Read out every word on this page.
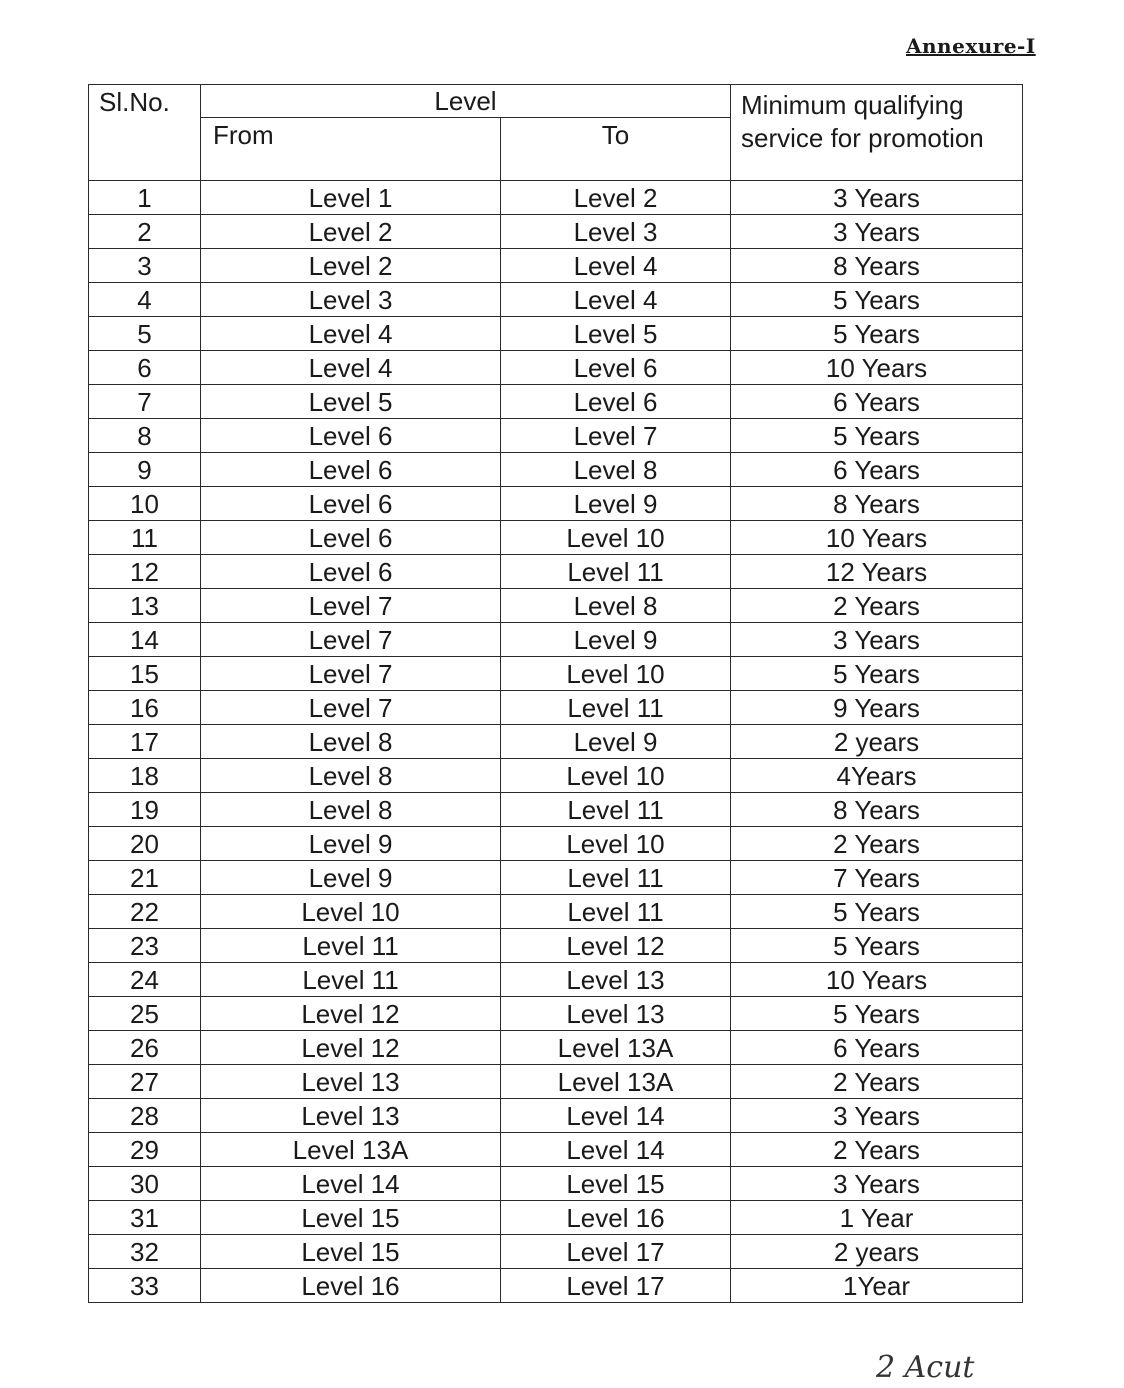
Annexure-I
Sl.No.	Level		Minimum qualifying service for promotion
	From	To	
1	Level 1	Level 2	3 Years
2	Level 2	Level 3	3 Years
3	Level 2	Level 4	8 Years
4	Level 3	Level 4	5 Years
5	Level 4	Level 5	5 Years
6	Level 4	Level 6	10 Years
7	Level 5	Level 6	6 Years
8	Level 6	Level 7	5 Years
9	Level 6	Level 8	6 Years
10	Level 6	Level 9	8 Years
11	Level 6	Level 10	10 Years
12	Level 6	Level 11	12 Years
13	Level 7	Level 8	2 Years
14	Level 7	Level 9	3 Years
15	Level 7	Level 10	5 Years
16	Level 7	Level 11	9 Years
17	Level 8	Level 9	2 years
18	Level 8	Level 10	4Years
19	Level 8	Level 11	8 Years
20	Level 9	Level 10	2 Years
21	Level 9	Level 11	7 Years
22	Level 10	Level 11	5 Years
23	Level 11	Level 12	5 Years
24	Level 11	Level 13	10 Years
25	Level 12	Level 13	5 Years
26	Level 12	Level 13A	6 Years
27	Level 13	Level 13A	2 Years
28	Level 13	Level 14	3 Years
29	Level 13A	Level 14	2 Years
30	Level 14	Level 15	3 Years
31	Level 15	Level 16	1 Year
32	Level 15	Level 17	2 years
33	Level 16	Level 17	1Year
2 Acut
